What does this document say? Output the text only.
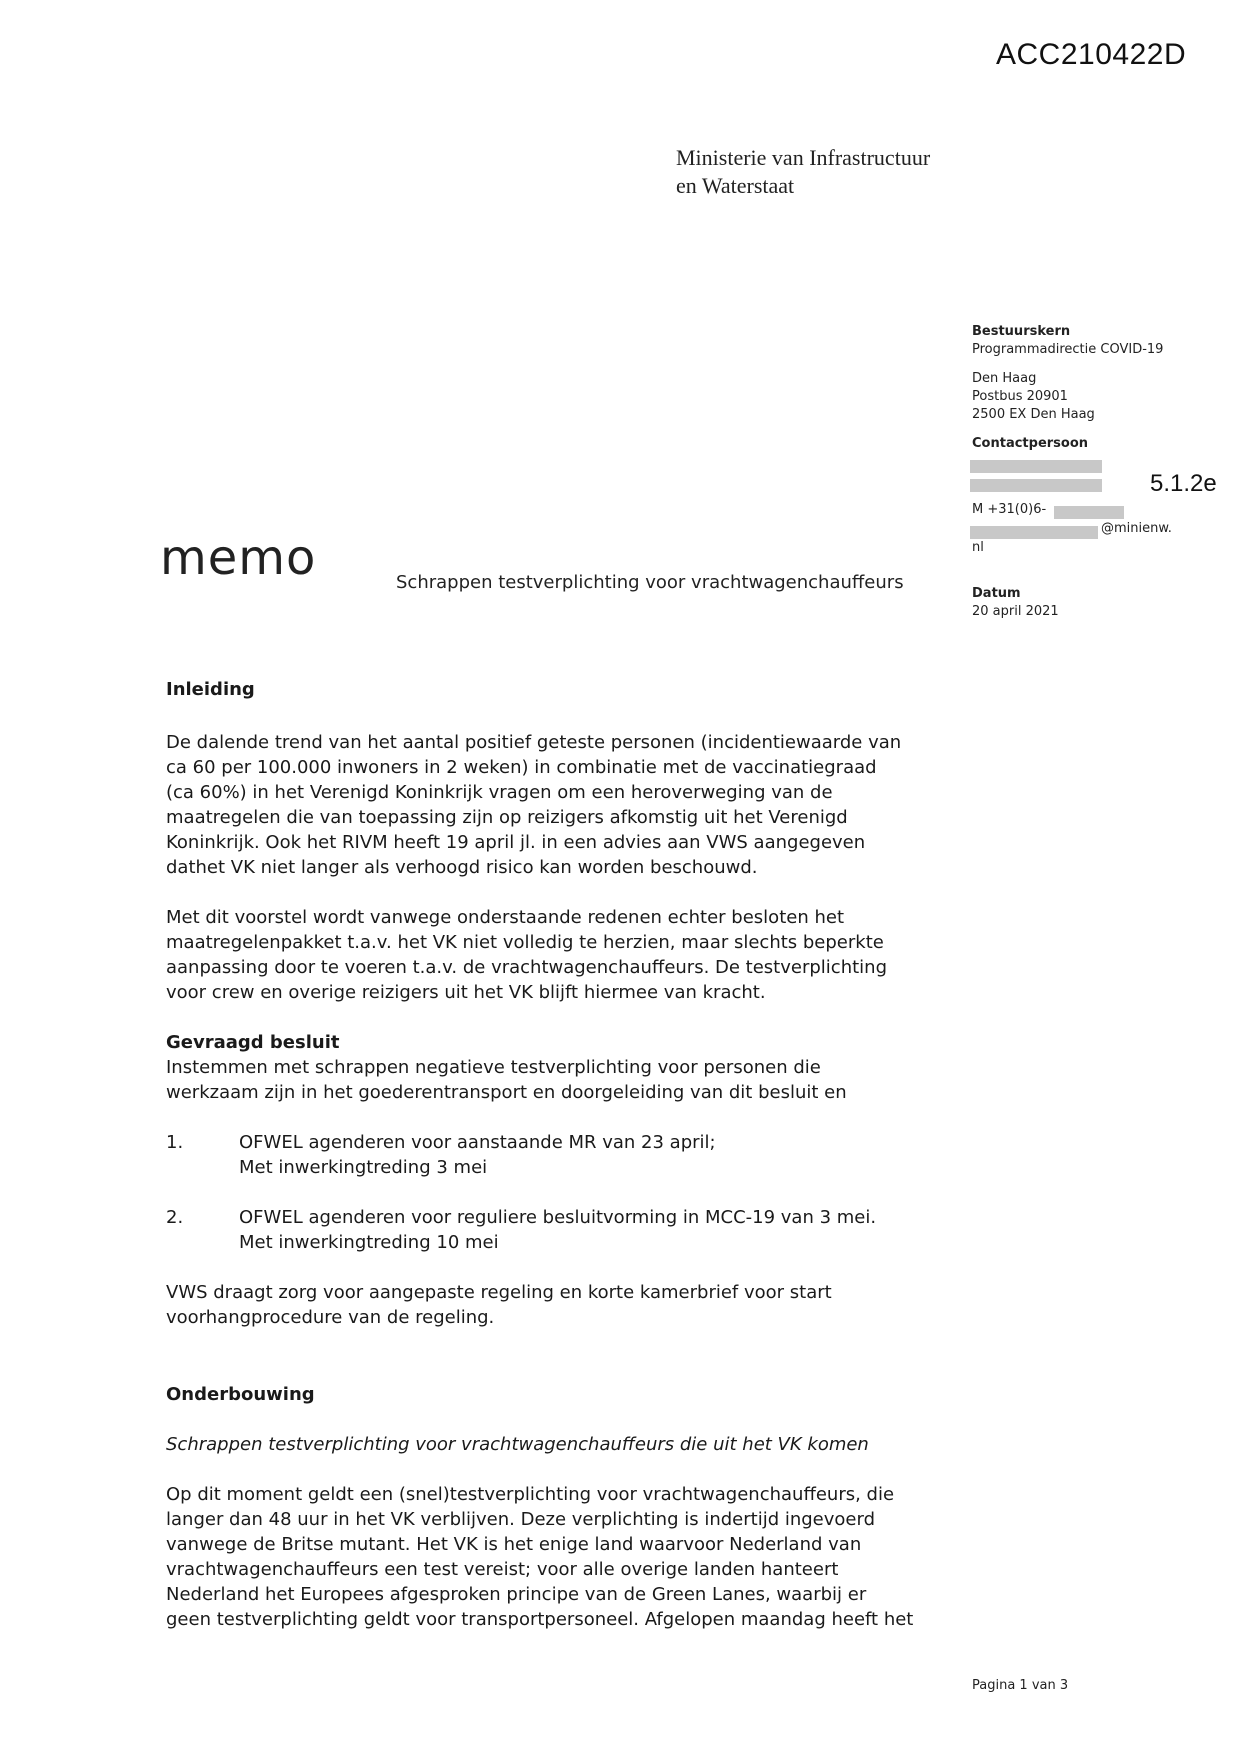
ACC210422D
Ministerie van Infrastructuur
en Waterstaat
Bestuurskern
Programmadirectie COVID-19
Den Haag
Postbus 20901
2500 EX Den Haag
Contactpersoon
5.1.2e
M +31(0)6-
@minienw.
nl
Datum
20 april 2021
memo	Schrappen testverplichting voor vrachtwagenchauffeurs
Inleiding

De dalende trend van het aantal positief geteste personen (incidentiewaarde van

ca 60 per 100.000 inwoners in 2 weken) in combinatie met de vaccinatiegraad

(ca 60%) in het Verenigd Koninkrijk vragen om een heroverweging van de

maatregelen die van toepassing zijn op reizigers afkomstig uit het Verenigd

Koninkrijk. Ook het RIVM heeft 19 april jl. in een advies aan VWS aangegeven

dathet VK niet langer als verhoogd risico kan worden beschouwd.

Met dit voorstel wordt vanwege onderstaande redenen echter besloten het

maatregelenpakket t.a.v. het VK niet volledig te herzien, maar slechts beperkte

aanpassing door te voeren t.a.v. de vrachtwagenchauffeurs. De testverplichting

voor crew en overige reizigers uit het VK blijft hiermee van kracht.

Gevraagd besluit

Instemmen met schrappen negatieve testverplichting voor personen die

werkzaam zijn in het goederentransport en doorgeleiding van dit besluit en

1.	OFWEL agenderen voor aanstaande MR van 23 april;
Met inwerkingtreding 3 mei
2.	OFWEL agenderen voor reguliere besluitvorming in MCC-19 van 3 mei.
Met inwerkingtreding 10 mei

VWS draagt zorg voor aangepaste regeling en korte kamerbrief voor start

voorhangprocedure van de regeling.

Onderbouwing
Schrappen testverplichting voor vrachtwagenchauffeurs die uit het VK komen

Op dit moment geldt een (snel)testverplichting voor vrachtwagenchauffeurs, die

langer dan 48 uur in het VK verblijven. Deze verplichting is indertijd ingevoerd

vanwege de Britse mutant. Het VK is het enige land waarvoor Nederland van

vrachtwagenchauffeurs een test vereist; voor alle overige landen hanteert

Nederland het Europees afgesproken principe van de Green Lanes, waarbij er

geen testverplichting geldt voor transportpersoneel. Afgelopen maandag heeft het

Pagina 1 van 3
